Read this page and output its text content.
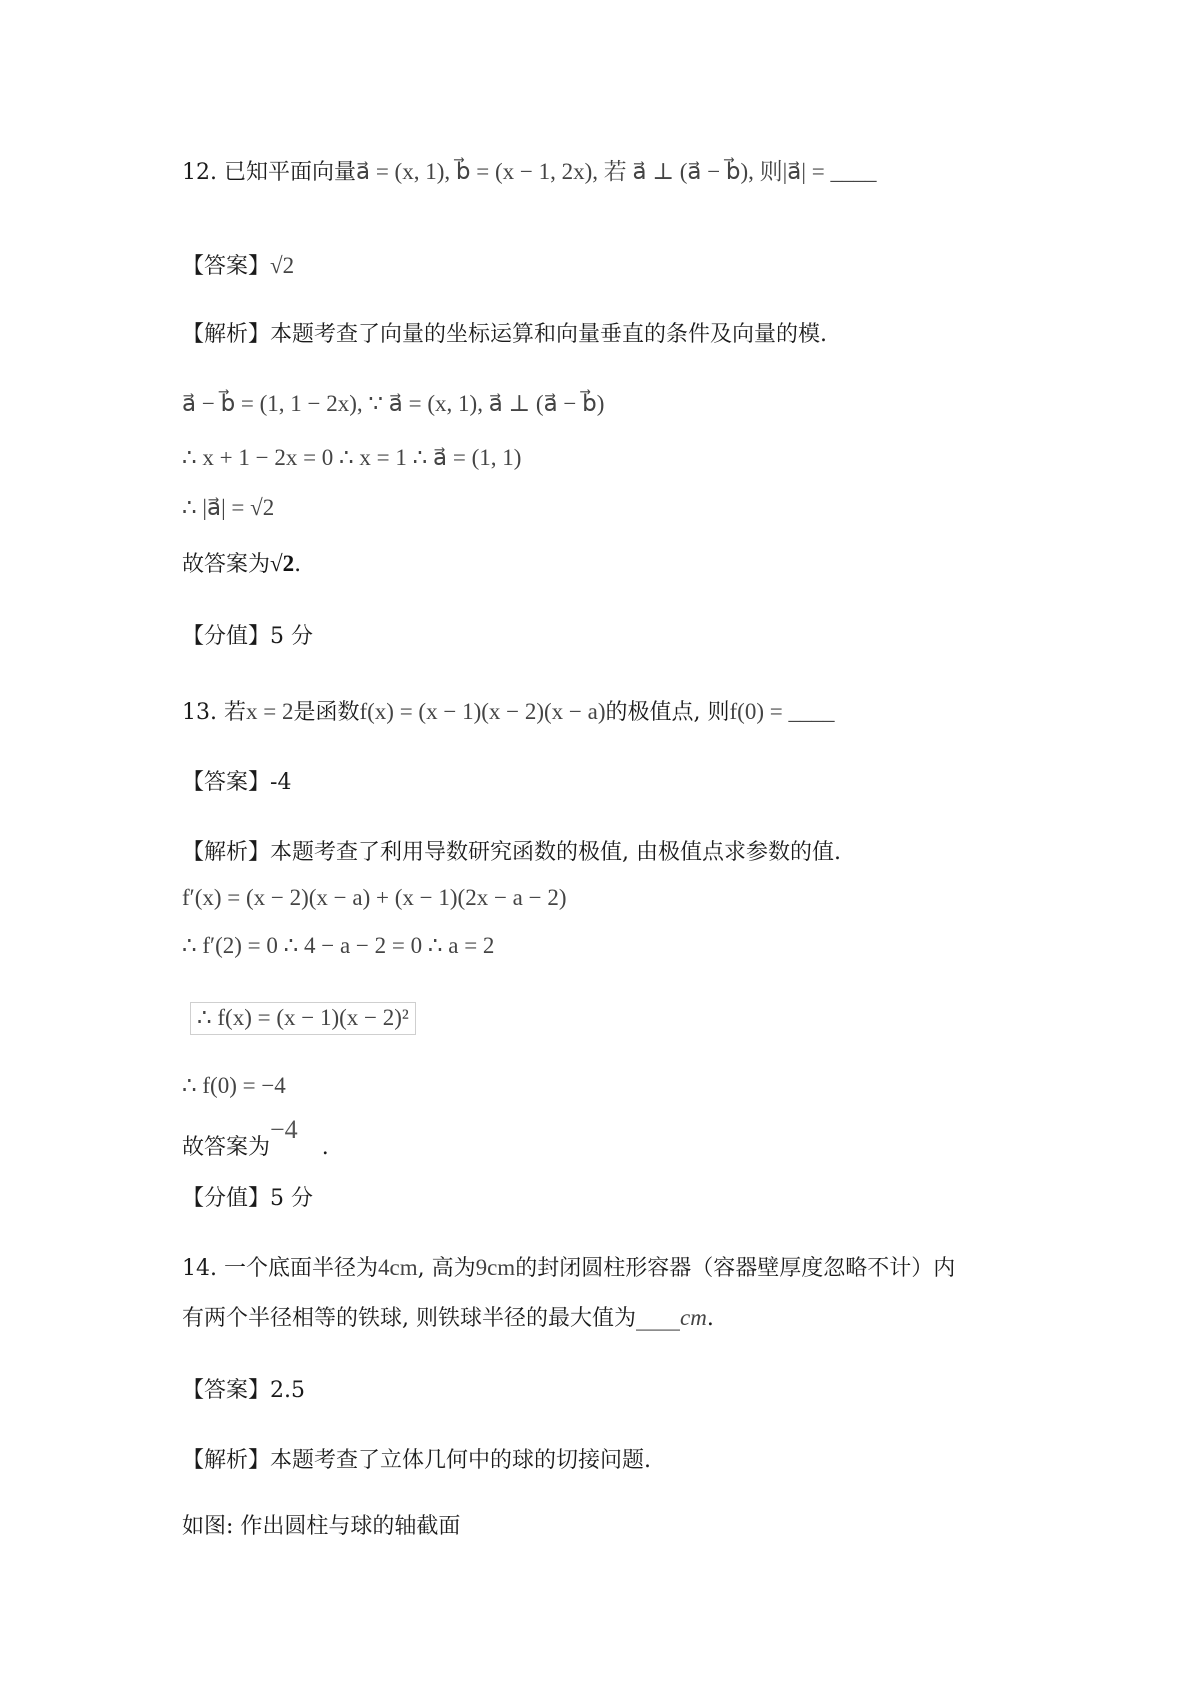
12. 已知平面向量a⃗ = (x, 1), b⃗ = (x − 1, 2x), 若 a⃗ ⊥ (a⃗ − b⃗), 则|a⃗| = ____
【答案】√2
【解析】本题考查了向量的坐标运算和向量垂直的条件及向量的模.
a⃗ − b⃗ = (1, 1 − 2x), ∵ a⃗ = (x, 1), a⃗ ⊥ (a⃗ − b⃗)
∴ x + 1 − 2x = 0 ∴ x = 1 ∴ a⃗ = (1, 1)
∴ |a⃗| = √2
故答案为√2.
【分值】5 分
13. 若x = 2是函数f(x) = (x − 1)(x − 2)(x − a)的极值点, 则f(0) = ____
【答案】-4
【解析】本题考查了利用导数研究函数的极值, 由极值点求参数的值.
f′(x) = (x − 2)(x − a) + (x − 1)(2x − a − 2)
∴ f′(2) = 0 ∴ 4 − a − 2 = 0 ∴ a = 2
∴ f(x) = (x − 1)(x − 2)²
∴ f(0) = −4
故答案为−4.
【分值】5 分
14. 一个底面半径为4cm, 高为9cm的封闭圆柱形容器（容器壁厚度忽略不计）内
有两个半径相等的铁球, 则铁球半径的最大值为____cm.
【答案】2.5
【解析】本题考查了立体几何中的球的切接问题.
如图: 作出圆柱与球的轴截面
